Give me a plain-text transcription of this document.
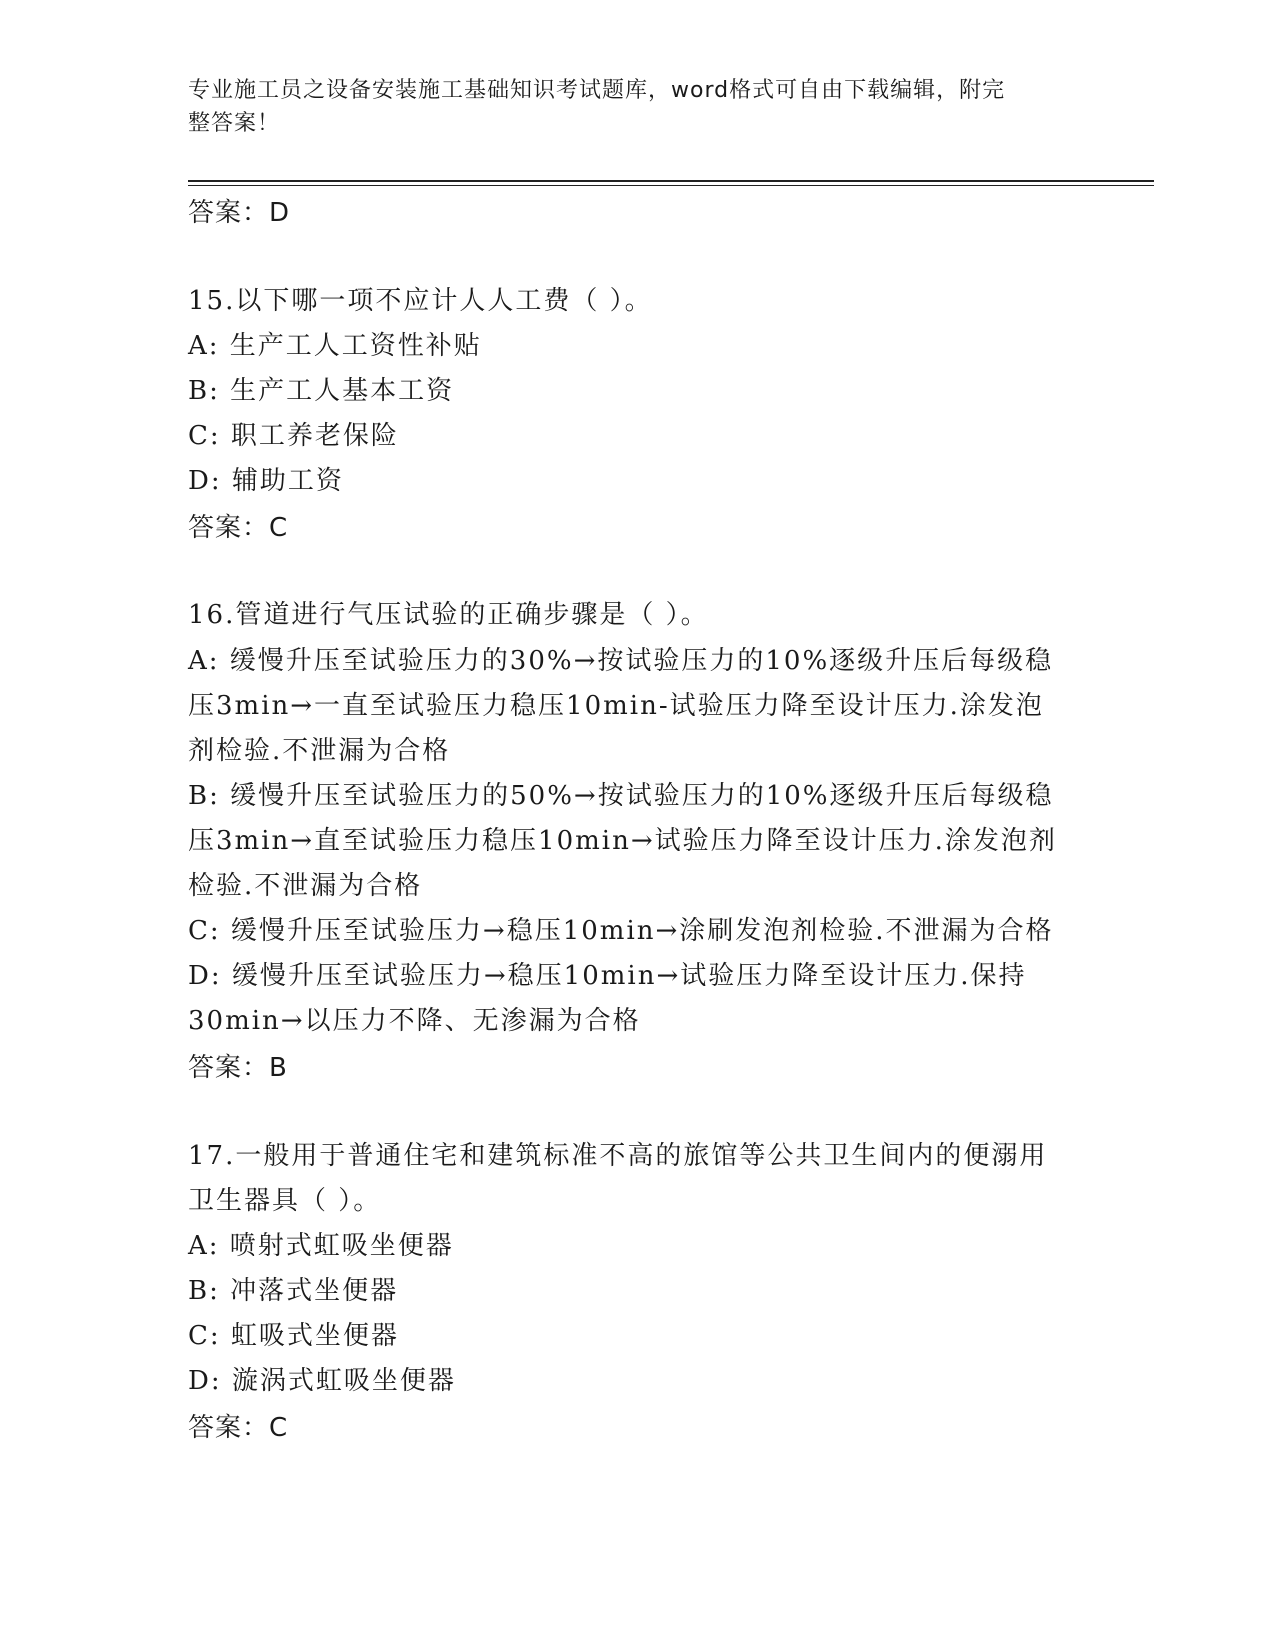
专业施工员之设备安装施工基础知识考试题库，word格式可自由下载编辑，附完
整答案！
答案：D
15.以下哪一项不应计人人工费（ ）。
A: 生产工人工资性补贴
B: 生产工人基本工资
C: 职工养老保险
D: 辅助工资
答案：C
16.管道进行气压试验的正确步骤是（ ）。
A: 缓慢升压至试验压力的30%→按试验压力的10%逐级升压后每级稳
压3min→一直至试验压力稳压10min-试验压力降至设计压力.涂发泡
剂检验.不泄漏为合格
B: 缓慢升压至试验压力的50%→按试验压力的10%逐级升压后每级稳
压3min→直至试验压力稳压10min→试验压力降至设计压力.涂发泡剂
检验.不泄漏为合格
C: 缓慢升压至试验压力→稳压10min→涂刷发泡剂检验.不泄漏为合格
D: 缓慢升压至试验压力→稳压10min→试验压力降至设计压力.保持
30min→以压力不降、无渗漏为合格
答案：B
17.一般用于普通住宅和建筑标准不高的旅馆等公共卫生间内的便溺用
卫生器具（ ）。
A: 喷射式虹吸坐便器
B: 冲落式坐便器
C: 虹吸式坐便器
D: 漩涡式虹吸坐便器
答案：C
